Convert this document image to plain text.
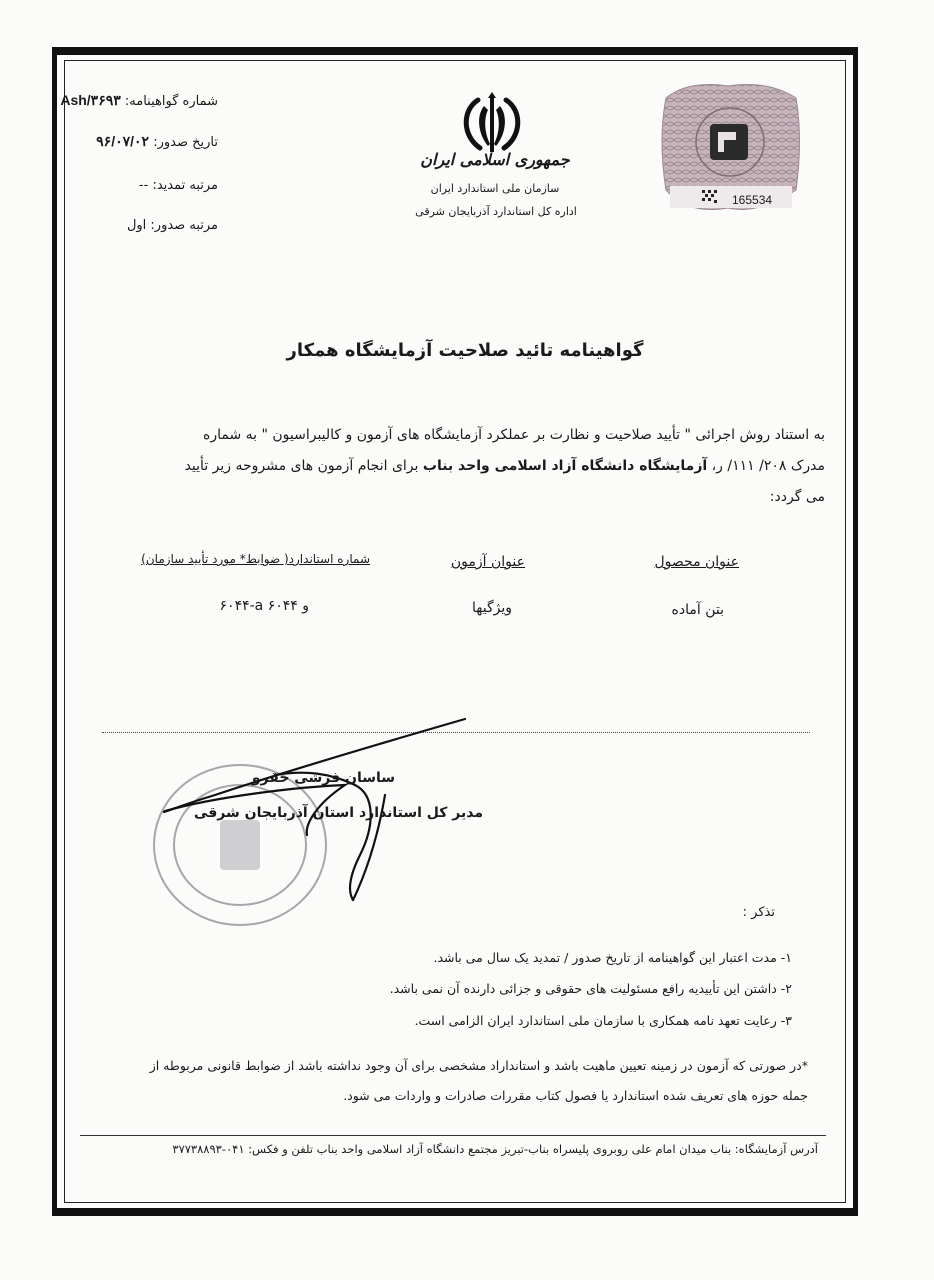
شماره گواهینامه: Ash/۳۶۹۳
تاریخ صدور: ۹۶/۰۷/۰۲
مرتبه تمدید: --
مرتبه صدور: اول
جمهوری اسلامی ایران
سازمان ملی استاندارد ایران
اداره کل استاندارد آذربایجان شرقی
165534
گواهینامه تائید صلاحیت آزمایشگاه همکار
به استناد روش اجرائی " تأیید صلاحیت و نظارت بر عملکرد آزمایشگاه های آزمون و کالیبراسیون " به شماره
مدرک ۲۰۸/ ۱۱۱/ ر، آزمایشگاه دانشگاه آزاد اسلامی واحد بناب برای انجام آزمون های مشروحه زیر تأیید
می گردد:
عنوان محصول
عنوان آزمون
شماره استاندارد( ضوابط* مورد تأیید سازمان)
بتن آماده
ویژگیها
۶۰۴۴-a و ۶۰۴۴
ساسان فرشی حقرو
مدیر کل استاندارد استان آذربایجان شرقی
تذکر :
۱- مدت اعتبار این گواهینامه از تاریخ صدور / تمدید یک سال می باشد.
۲- داشتن این تأییدیه رافع مسئولیت های حقوقی و جزائی دارنده آن نمی باشد.
۳- رعایت تعهد نامه همکاری با سازمان ملی استاندارد ایران الزامی است.
*در صورتی که آزمون در زمینه تعیین ماهیت باشد و استانداراد مشخصی برای آن وجود نداشته باشد از ضوابط قانونی مربوطه از
جمله حوزه های تعریف شده استاندارد یا فصول کتاب مقررات صادرات و واردات می شود.
آدرس آزمایشگاه: بناب میدان امام علی روبروی پلیسراه بناب-تبریز مجتمع دانشگاه آزاد اسلامی واحد بناب تلفن و فکس: ۰۴۱-۳۷۷۳۸۸۹۳
